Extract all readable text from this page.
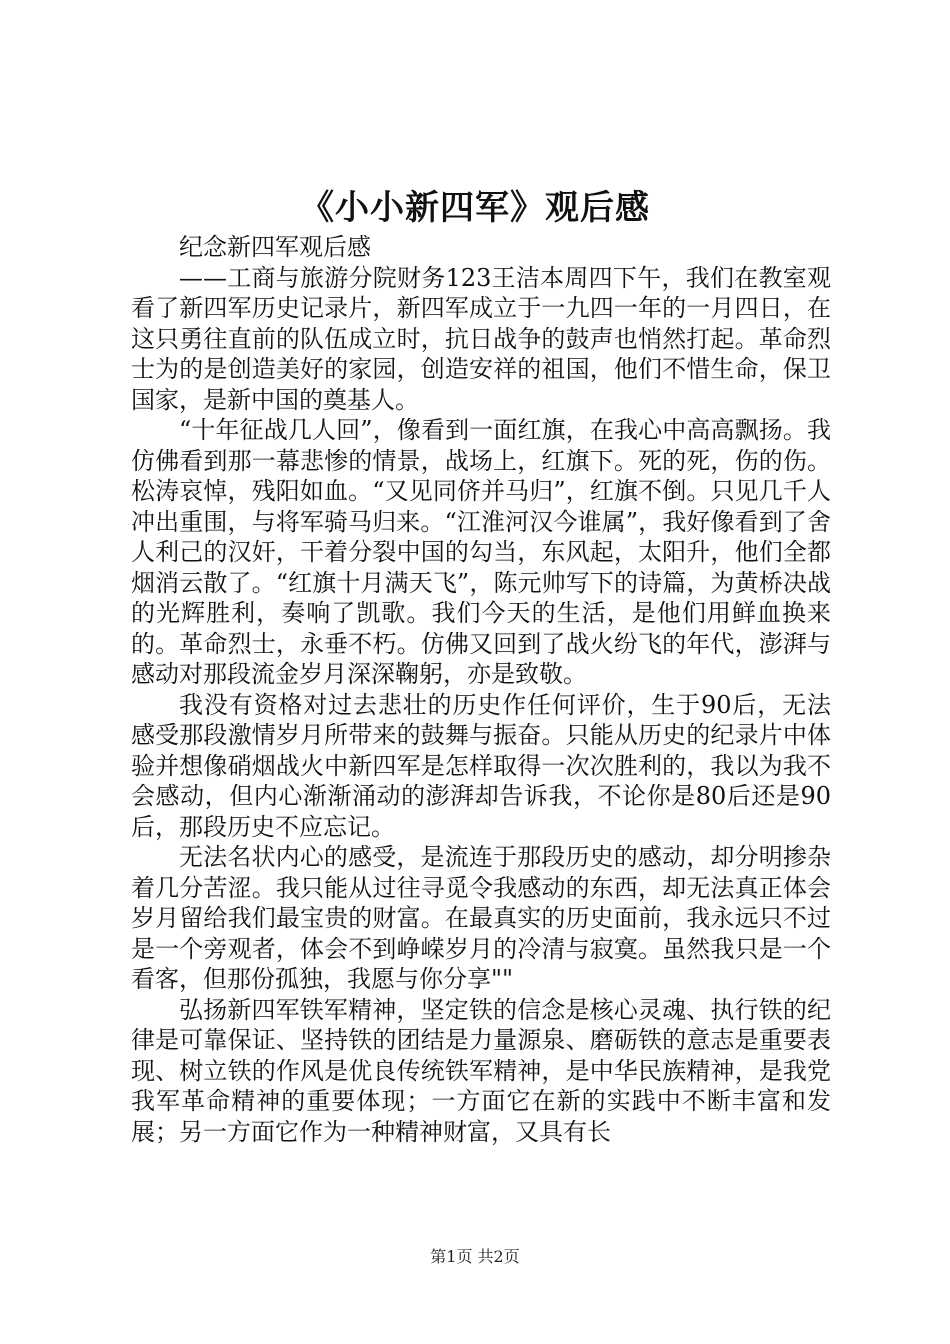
《小小新四军》观后感

纪念新四军观后感

——工商与旅游分院财务123王洁本周四下午，我们在教室观看了新四军历史记录片，新四军成立于一九四一年的一月四日，在这只勇往直前的队伍成立时，抗日战争的鼓声也悄然打起。革命烈士为的是创造美好的家园，创造安祥的祖国，他们不惜生命，保卫国家，是新中国的奠基人。

“十年征战几人回”，像看到一面红旗，在我心中高高飘扬。我仿佛看到那一幕悲惨的情景，战场上，红旗下。死的死，伤的伤。松涛哀悼，残阳如血。“又见同侪并马归”，红旗不倒。只见几千人冲出重围，与将军骑马归来。“江淮河汉今谁属”，我好像看到了舍人利己的汉奸，干着分裂中国的勾当，东风起，太阳升，他们全都烟消云散了。“红旗十月满天飞”，陈元帅写下的诗篇，为黄桥决战的光辉胜利，奏响了凯歌。我们今天的生活，是他们用鲜血换来的。革命烈士，永垂不朽。仿佛又回到了战火纷飞的年代，澎湃与感动对那段流金岁月深深鞠躬，亦是致敬。

我没有资格对过去悲壮的历史作任何评价，生于90后，无法感受那段激情岁月所带来的鼓舞与振奋。只能从历史的纪录片中体验并想像硝烟战火中新四军是怎样取得一次次胜利的，我以为我不会感动，但内心渐渐涌动的澎湃却告诉我，不论你是80后还是90后，那段历史不应忘记。

无法名状内心的感受，是流连于那段历史的感动，却分明掺杂着几分苦涩。我只能从过往寻觅令我感动的东西，却无法真正体会岁月留给我们最宝贵的财富。在最真实的历史面前，我永远只不过是一个旁观者，体会不到峥嵘岁月的冷清与寂寞。虽然我只是一个看客，但那份孤独，我愿与你分享""

弘扬新四军铁军精神，坚定铁的信念是核心灵魂、执行铁的纪律是可靠保证、坚持铁的团结是力量源泉、磨砺铁的意志是重要表现、树立铁的作风是优良传统铁军精神，是中华民族精神，是我党我军革命精神的重要体现；一方面它在新的实践中不断丰富和发展；另一方面它作为一种精神财富，又具有长

第1页 共2页
